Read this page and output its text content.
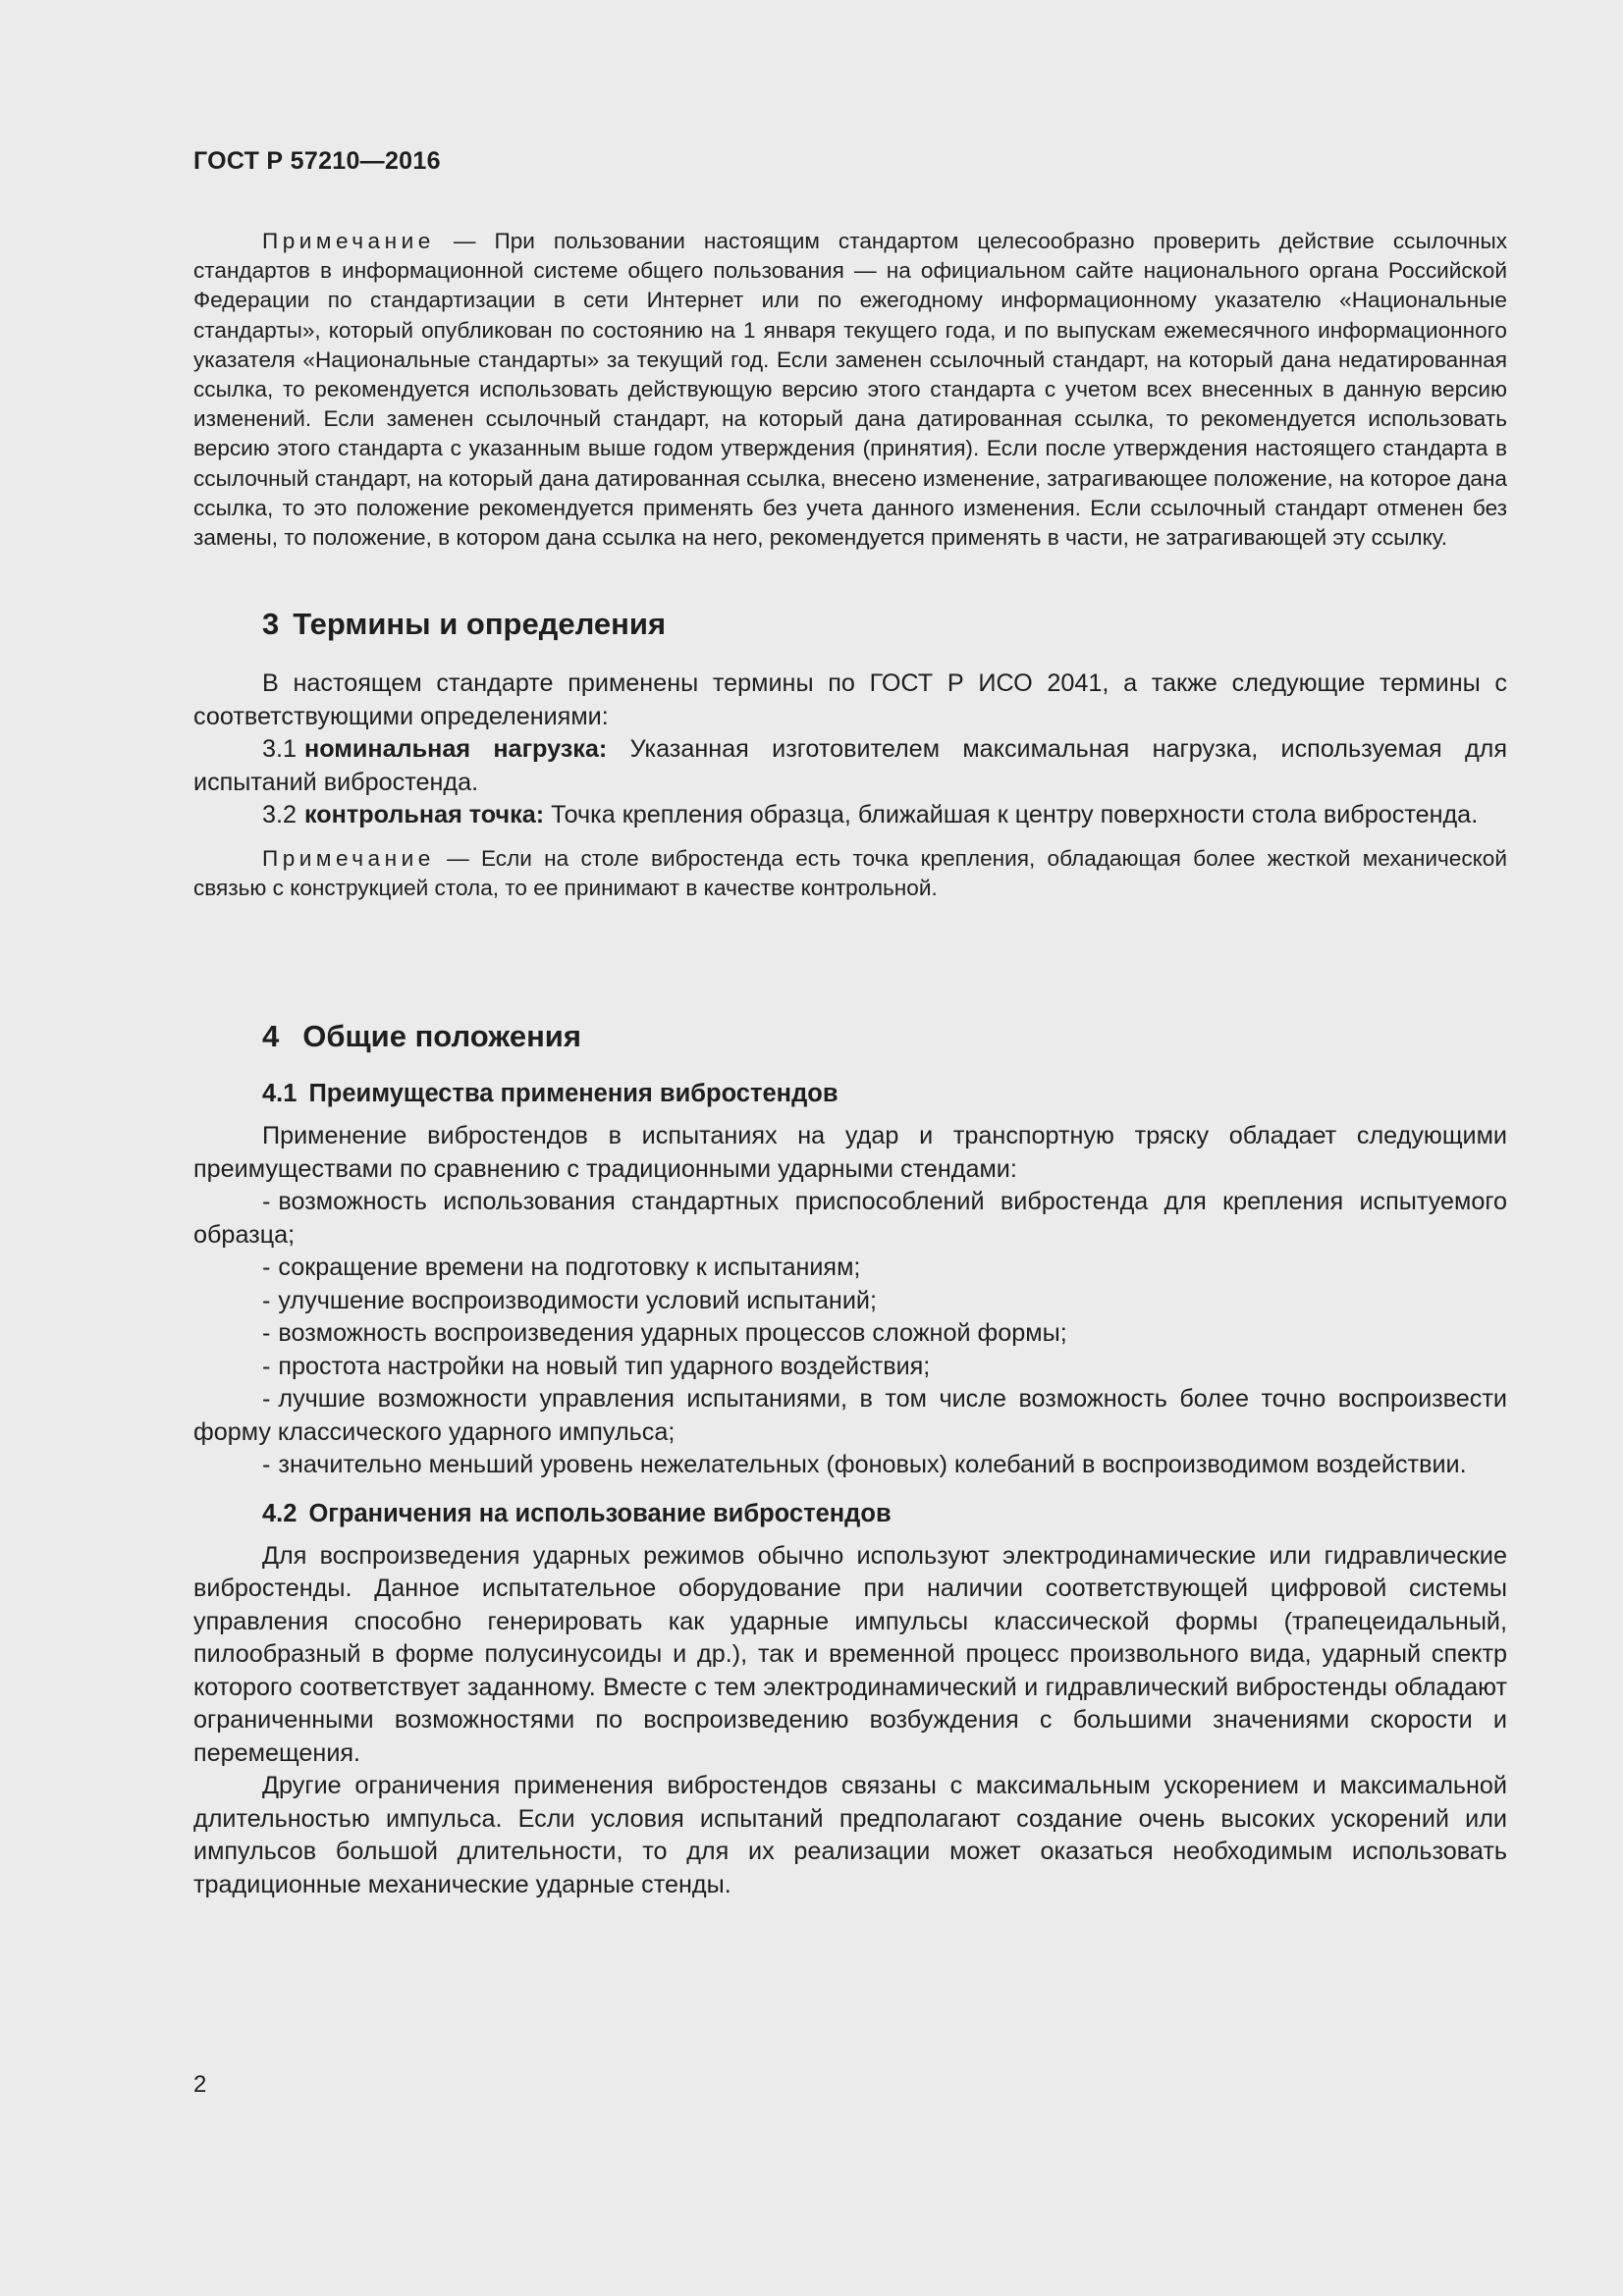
ГОСТ Р 57210—2016

Примечание — При пользовании настоящим стандартом целесообразно проверить действие ссылочных стандартов в информационной системе общего пользования — на официальном сайте национального органа Российской Федерации по стандартизации в сети Интернет или по ежегодному информационному указателю «Национальные стандарты», который опубликован по состоянию на 1 января текущего года, и по выпускам ежемесячного информационного указателя «Национальные стандарты» за текущий год. Если заменен ссылочный стандарт, на который дана недатированная ссылка, то рекомендуется использовать действующую версию этого стандарта с учетом всех внесенных в данную версию изменений. Если заменен ссылочный стандарт, на который дана датированная ссылка, то рекомендуется использовать версию этого стандарта с указанным выше годом утверждения (принятия). Если после утверждения настоящего стандарта в ссылочный стандарт, на который дана датированная ссылка, внесено изменение, затрагивающее положение, на которое дана ссылка, то это положение рекомендуется применять без учета данного изменения. Если ссылочный стандарт отменен без замены, то положение, в котором дана ссылка на него, рекомендуется применять в части, не затрагивающей эту ссылку.

3 Термины и определения

В настоящем стандарте применены термины по ГОСТ Р ИСО 2041, а также следующие термины с соответствующими определениями:

3.1 номинальная нагрузка: Указанная изготовителем максимальная нагрузка, используемая для испытаний вибростенда.

3.2 контрольная точка: Точка крепления образца, ближайшая к центру поверхности стола вибростенда.

Примечание — Если на столе вибростенда есть точка крепления, обладающая более жесткой механической связью с конструкцией стола, то ее принимают в качестве контрольной.

4 Общие положения
4.1 Преимущества применения вибростендов

Применение вибростендов в испытаниях на удар и транспортную тряску обладает следующими преимуществами по сравнению с традиционными ударными стендами:

- возможность использования стандартных приспособлений вибростенда для крепления испытуемого образца;

- сокращение времени на подготовку к испытаниям;

- улучшение воспроизводимости условий испытаний;

- возможность воспроизведения ударных процессов сложной формы;

- простота настройки на новый тип ударного воздействия;

- лучшие возможности управления испытаниями, в том числе возможность более точно воспроизвести форму классического ударного импульса;

- значительно меньший уровень нежелательных (фоновых) колебаний в воспроизводимом воздействии.

4.2 Ограничения на использование вибростендов

Для воспроизведения ударных режимов обычно используют электродинамические или гидравлические вибростенды. Данное испытательное оборудование при наличии соответствующей цифровой системы управления способно генерировать как ударные импульсы классической формы (трапецеидальный, пилообразный в форме полусинусоиды и др.), так и временной процесс произвольного вида, ударный спектр которого соответствует заданному. Вместе с тем электродинамический и гидравлический вибростенды обладают ограниченными возможностями по воспроизведению возбуждения с большими значениями скорости и перемещения.

Другие ограничения применения вибростендов связаны с максимальным ускорением и максимальной длительностью импульса. Если условия испытаний предполагают создание очень высоких ускорений или импульсов большой длительности, то для их реализации может оказаться необходимым использовать традиционные механические ударные стенды.

2
